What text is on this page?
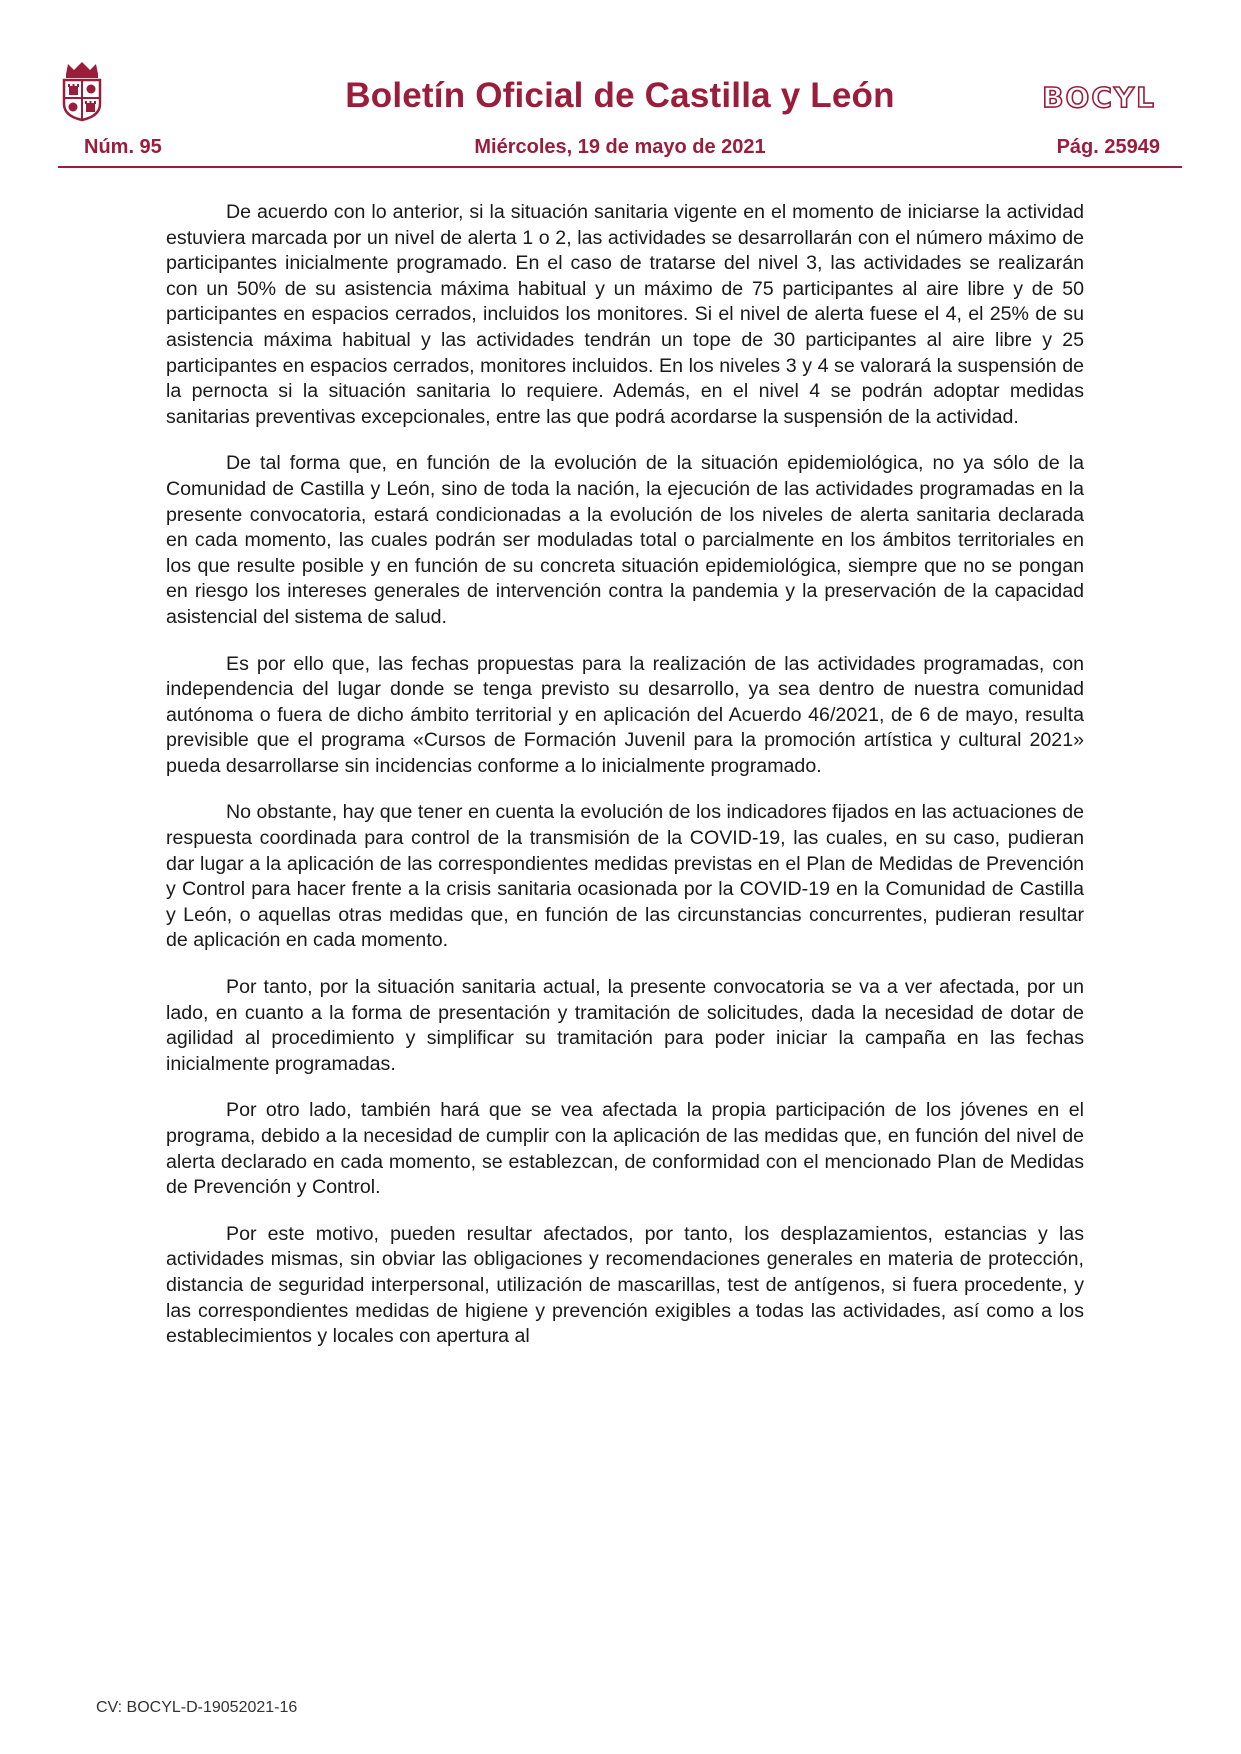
Boletín Oficial de Castilla y León	BOCYL
Núm. 95	Miércoles, 19 de mayo de 2021	Pág. 25949

De acuerdo con lo anterior, si la situación sanitaria vigente en el momento de iniciarse la actividad estuviera marcada por un nivel de alerta 1 o 2, las actividades se desarrollarán con el número máximo de participantes inicialmente programado. En el caso de tratarse del nivel 3, las actividades se realizarán con un 50% de su asistencia máxima habitual y un máximo de 75 participantes al aire libre y de 50 participantes en espacios cerrados, incluidos los monitores. Si el nivel de alerta fuese el 4, el 25% de su asistencia máxima habitual y las actividades tendrán un tope de 30 participantes al aire libre y 25 participantes en espacios cerrados, monitores incluidos. En los niveles 3 y 4 se valorará la suspensión de la pernocta si la situación sanitaria lo requiere. Además, en el nivel 4 se podrán adoptar medidas sanitarias preventivas excepcionales, entre las que podrá acordarse la suspensión de la actividad.

De tal forma que, en función de la evolución de la situación epidemiológica, no ya sólo de la Comunidad de Castilla y León, sino de toda la nación, la ejecución de las actividades programadas en la presente convocatoria, estará condicionadas a la evolución de los niveles de alerta sanitaria declarada en cada momento, las cuales podrán ser moduladas total o parcialmente en los ámbitos territoriales en los que resulte posible y en función de su concreta situación epidemiológica, siempre que no se pongan en riesgo los intereses generales de intervención contra la pandemia y la preservación de la capacidad asistencial del sistema de salud.

Es por ello que, las fechas propuestas para la realización de las actividades programadas, con independencia del lugar donde se tenga previsto su desarrollo, ya sea dentro de nuestra comunidad autónoma o fuera de dicho ámbito territorial y en aplicación del Acuerdo 46/2021, de 6 de mayo, resulta previsible que el programa «Cursos de Formación Juvenil para la promoción artística y cultural 2021» pueda desarrollarse sin incidencias conforme a lo inicialmente programado.

No obstante, hay que tener en cuenta la evolución de los indicadores fijados en las actuaciones de respuesta coordinada para control de la transmisión de la COVID-19, las cuales, en su caso, pudieran dar lugar a la aplicación de las correspondientes medidas previstas en el Plan de Medidas de Prevención y Control para hacer frente a la crisis sanitaria ocasionada por la COVID-19 en la Comunidad de Castilla y León, o aquellas otras medidas que, en función de las circunstancias concurrentes, pudieran resultar de aplicación en cada momento.

Por tanto, por la situación sanitaria actual, la presente convocatoria se va a ver afectada, por un lado, en cuanto a la forma de presentación y tramitación de solicitudes, dada la necesidad de dotar de agilidad al procedimiento y simplificar su tramitación para poder iniciar la campaña en las fechas inicialmente programadas.

Por otro lado, también hará que se vea afectada la propia participación de los jóvenes en el programa, debido a la necesidad de cumplir con la aplicación de las medidas que, en función del nivel de alerta declarado en cada momento, se establezcan, de conformidad con el mencionado Plan de Medidas de Prevención y Control.

Por este motivo, pueden resultar afectados, por tanto, los desplazamientos, estancias y las actividades mismas, sin obviar las obligaciones y recomendaciones generales en materia de protección, distancia de seguridad interpersonal, utilización de mascarillas, test de antígenos, si fuera procedente, y las correspondientes medidas de higiene y prevención exigibles a todas las actividades, así como a los establecimientos y locales con apertura al

CV: BOCYL-D-19052021-16
